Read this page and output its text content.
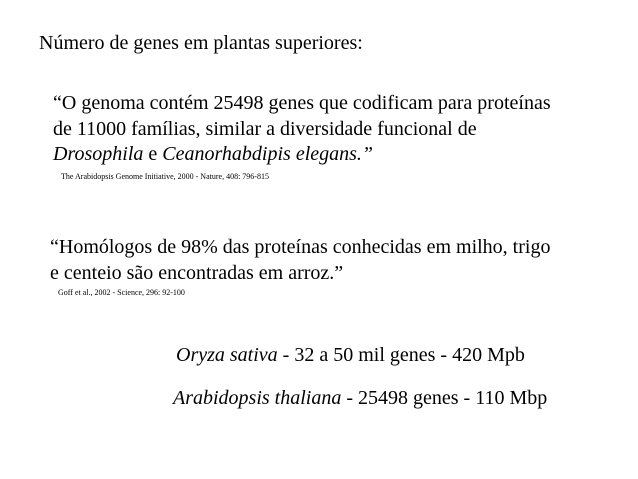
Número de genes em plantas superiores:
“O genoma contém 25498 genes que codificam para proteínas
de 11000 famílias, similar a diversidade funcional de
Drosophila e Ceanorhabdipis elegans.”
The Arabidopsis Genome Initiative, 2000 - Nature, 408: 796-815
“Homólogos de 98% das proteínas conhecidas em milho, trigo
e centeio são encontradas em arroz.”
Goff et al., 2002 - Science, 296: 92-100
Oryza sativa - 32 a 50 mil genes - 420 Mpb
Arabidopsis thaliana - 25498 genes - 110 Mbp
